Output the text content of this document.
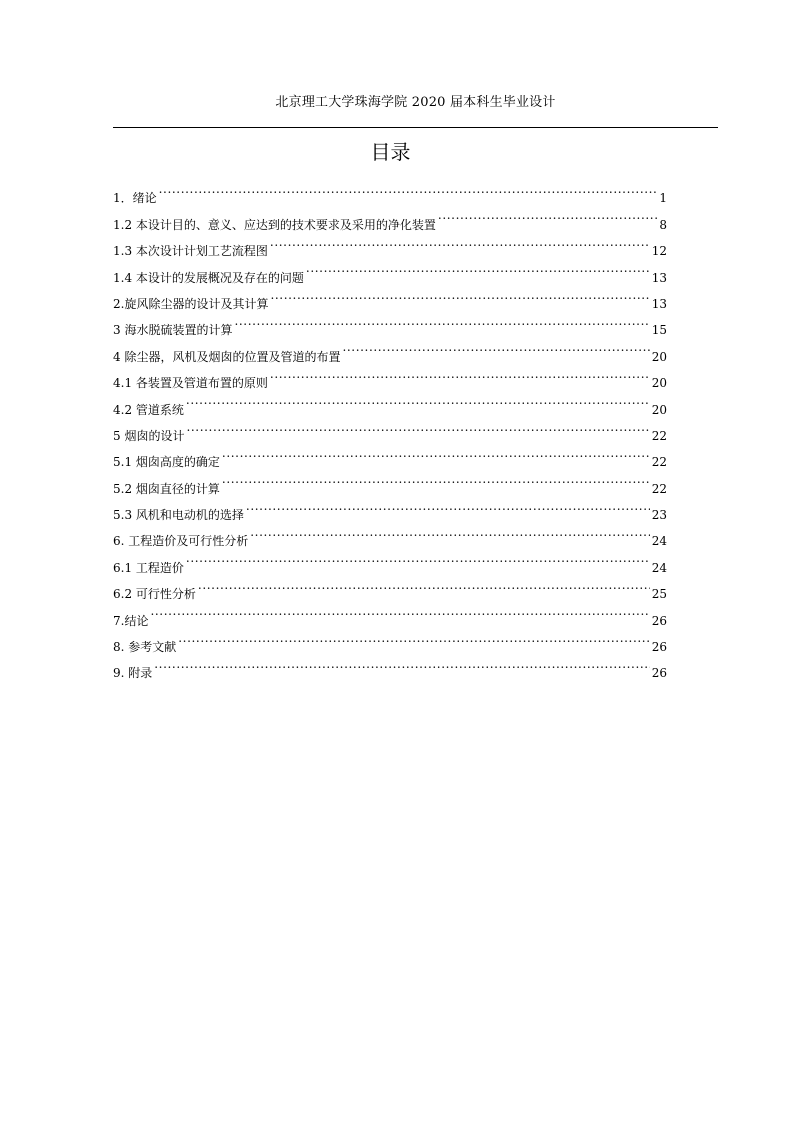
北京理工大学珠海学院 2020 届本科生毕业设计
目录
1．绪论 .....	1
1.2 本设计目的、意义、应达到的技术要求及采用的净化装置 .....	8
1.3 本次设计计划工艺流程图 .....	12
1.4 本设计的发展概况及存在的问题 .....	13
2.旋风除尘器的设计及其计算 .....	13
3 海水脱硫装置的计算 .....	15
4 除尘器，风机及烟囱的位置及管道的布置 .....	20
4.1 各装置及管道布置的原则 .....	20
4.2 管道系统 .....	20
5 烟囱的设计 .....	22
5.1 烟囱高度的确定 .....	22
5.2 烟囱直径的计算 .....	22
5.3 风机和电动机的选择 .....	23
6. 工程造价及可行性分析 .....	24
6.1 工程造价 .....	24
6.2 可行性分析 .....	25
7.结论 .....	26
8. 参考文献 .....	26
9. 附录 .....	26
